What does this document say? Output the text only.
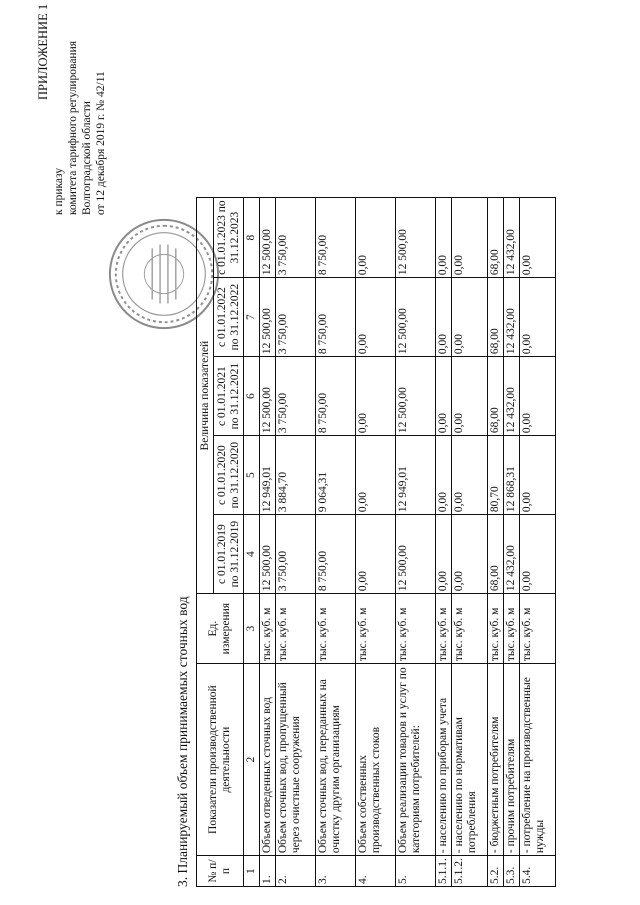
ПРИЛОЖЕНИЕ 1
к приказу комитета тарифного регулирования Волгоградской области от 12 декабря 2019 г. № 42/11
3. Планируемый объем принимаемых сточных вод № п/п	Показатели производственной деятельности	Ед. измерения	Величина показателей				
			с 01.01.2019 по 31.12.2019	с 01.01.2020 по 31.12.2020	с 01.01.2021 по 31.12.2021	с 01.01.2022 по 31.12.2022	с 01.01.2023 по 31.12.2023
1	2	3	4	5	6	7	8
1.	Объем отведенных сточных вод	тыс. куб. м	12 500,00	12 949,01	12 500,00	12 500,00	12 500,00
2.	Объем сточных вод, пропущенный через очистные сооружения	тыс. куб. м	3 750,00	3 884,70	3 750,00	3 750,00	3 750,00
3.	Объем сточных вод, переданных на очистку другим организациям	тыс. куб. м	8 750,00	9 064,31	8 750,00	8 750,00	8 750,00
4.	Объем собственных производственных стоков	тыс. куб. м	0,00	0,00	0,00	0,00	0,00
5.	Объем реализации товаров и услуг по категориям потребителей:	тыс. куб. м	12 500,00	12 949,01	12 500,00	12 500,00	12 500,00
5.1.1.	- населению по приборам учета	тыс. куб. м	0,00	0,00	0,00	0,00	0,00
5.1.2.	- населению по нормативам потребления	тыс. куб. м	0,00	0,00	0,00	0,00	0,00
5.2.	- бюджетным потребителям	тыс. куб. м	68,00	80,70	68,00	68,00	68,00
5.3.	- прочим потребителям	тыс. куб. м	12 432,00	12 868,31	12 432,00	12 432,00	12 432,00
5.4.	- потребление на производственные нужды	тыс. куб. м	0,00	0,00	0,00	0,00	0,00
